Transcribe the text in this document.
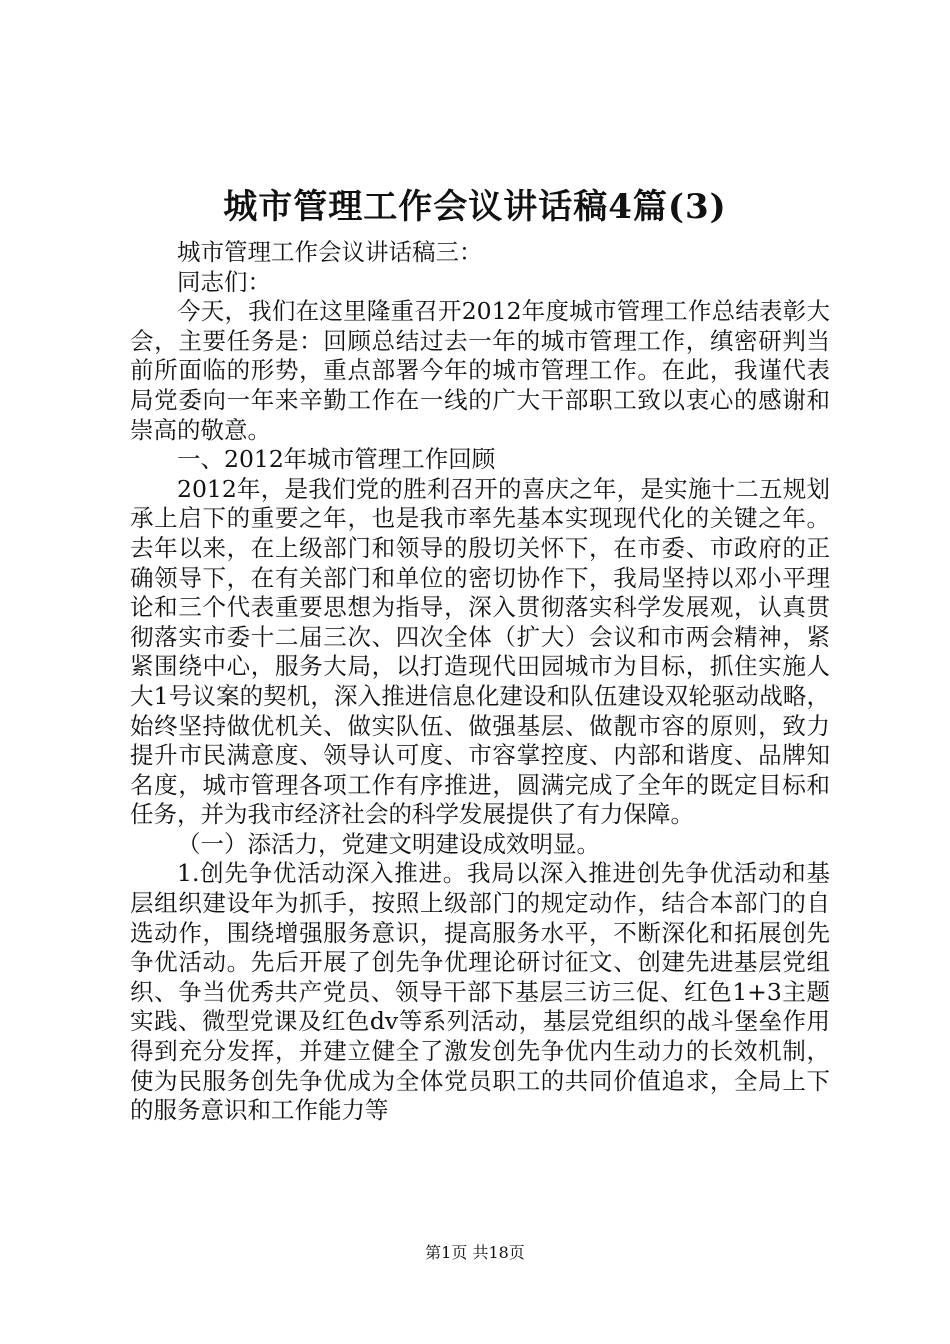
城市管理工作会议讲话稿4篇(3)

城市管理工作会议讲话稿三：

同志们：

今天，我们在这里隆重召开2012年度城市管理工作总结表彰大会，主要任务是：回顾总结过去一年的城市管理工作，缜密研判当前所面临的形势，重点部署今年的城市管理工作。在此，我谨代表局党委向一年来辛勤工作在一线的广大干部职工致以衷心的感谢和崇高的敬意。

一、2012年城市管理工作回顾

2012年，是我们党的胜利召开的喜庆之年，是实施十二五规划承上启下的重要之年，也是我市率先基本实现现代化的关键之年。去年以来，在上级部门和领导的殷切关怀下，在市委、市政府的正确领导下，在有关部门和单位的密切协作下，我局坚持以邓小平理论和三个代表重要思想为指导，深入贯彻落实科学发展观，认真贯彻落实市委十二届三次、四次全体（扩大）会议和市两会精神，紧紧围绕中心，服务大局，以打造现代田园城市为目标，抓住实施人大1号议案的契机，深入推进信息化建设和队伍建设双轮驱动战略，始终坚持做优机关、做实队伍、做强基层、做靓市容的原则，致力提升市民满意度、领导认可度、市容掌控度、内部和谐度、品牌知名度，城市管理各项工作有序推进，圆满完成了全年的既定目标和任务，并为我市经济社会的科学发展提供了有力保障。

（一）添活力，党建文明建设成效明显。

1.创先争优活动深入推进。我局以深入推进创先争优活动和基层组织建设年为抓手，按照上级部门的规定动作，结合本部门的自选动作，围绕增强服务意识，提高服务水平，不断深化和拓展创先争优活动。先后开展了创先争优理论研讨征文、创建先进基层党组织、争当优秀共产党员、领导干部下基层三访三促、红色1+3主题实践、微型党课及红色dv等系列活动，基层党组织的战斗堡垒作用得到充分发挥，并建立健全了激发创先争优内生动力的长效机制，使为民服务创先争优成为全体党员职工的共同价值追求，全局上下的服务意识和工作能力等

第1页 共18页
